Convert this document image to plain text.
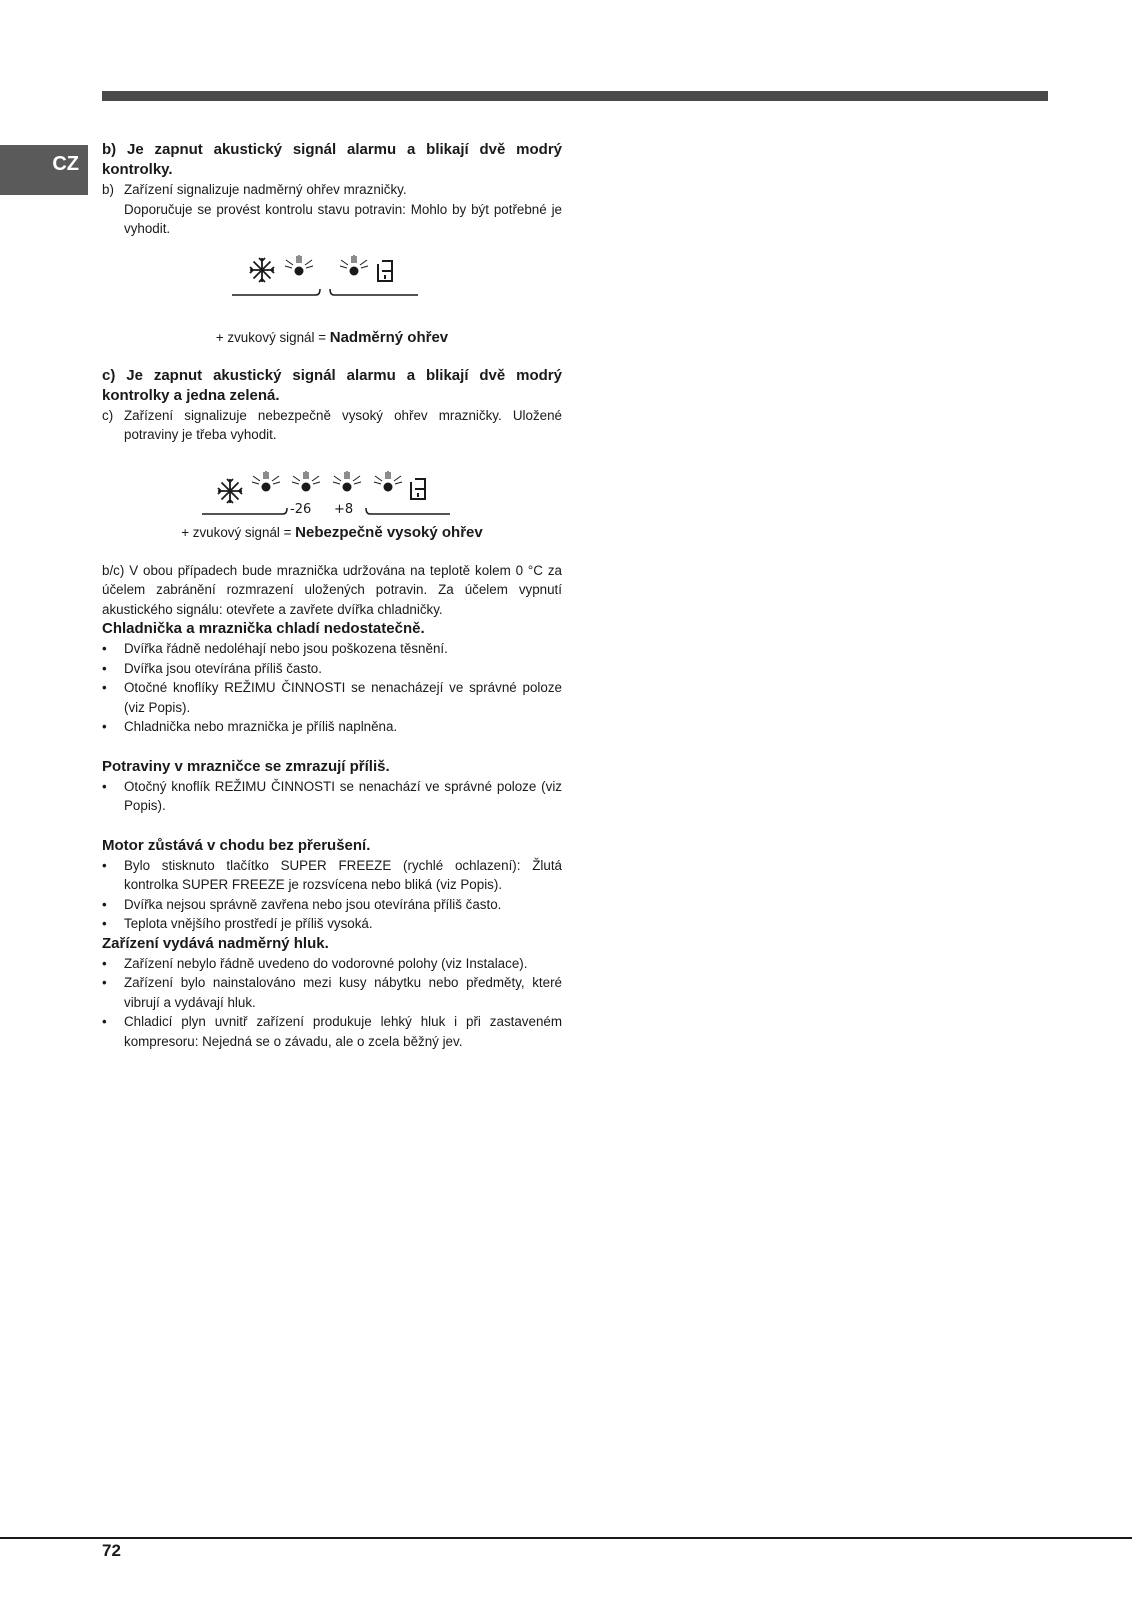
CZ

b) Je zapnut akustický signál alarmu a blikají dvě modrý kontrolky.

b) Zařízení signalizuje nadměrný ohřev mrazničky.

Doporučuje se provést kontrolu stavu potravin: Mohlo by být potřebné je vyhodit.

+ zvukový signál = Nadměrný ohřev

c) Je zapnut akustický signál alarmu a blikají dvě modrý kontrolky a jedna zelená.

c) Zařízení signalizuje nebezpečně vysoký ohřev mrazničky. Uložené potraviny je třeba vyhodit.
-26 +8

+ zvukový signál = Nebezpečně vysoký ohřev

b/c) V obou případech bude mraznička udržována na teplotě kolem 0 °C za účelem zabránění rozmrazení uložených potravin. Za účelem vypnutí akustického signálu: otevřete a zavřete dvířka chladničky.

Chladnička a mraznička chladí nedostatečně.

•	Dvířka řádně nedoléhají nebo jsou poškozena těsnění.
•	Dvířka jsou otevírána příliš často.
•	Otočné knoflíky REŽIMU ČINNOSTI se nenacházejí ve správné poloze (viz Popis).
•	Chladnička nebo mraznička je příliš naplněna.

Potraviny v mrazničce se zmrazují příliš.

•	Otočný knoflík REŽIMU ČINNOSTI se nenachází ve správné poloze (viz Popis).

Motor zůstává v chodu bez přerušení.

•	Bylo stisknuto tlačítko SUPER FREEZE (rychlé ochlazení): Žlutá kontrolka SUPER FREEZE je rozsvícena nebo bliká (viz Popis).
•	Dvířka nejsou správně zavřena nebo jsou otevírána příliš často.
•	Teplota vnějšího prostředí je příliš vysoká.

Zařízení vydává nadměrný hluk.

•	Zařízení nebylo řádně uvedeno do vodorovné polohy (viz Instalace).
•	Zařízení bylo nainstalováno mezi kusy nábytku nebo předměty, které vibrují a vydávají hluk.
•	Chladicí plyn uvnitř zařízení produkuje lehký hluk i při zastaveném kompresoru: Nejedná se o závadu, ale o zcela běžný jev.
72
